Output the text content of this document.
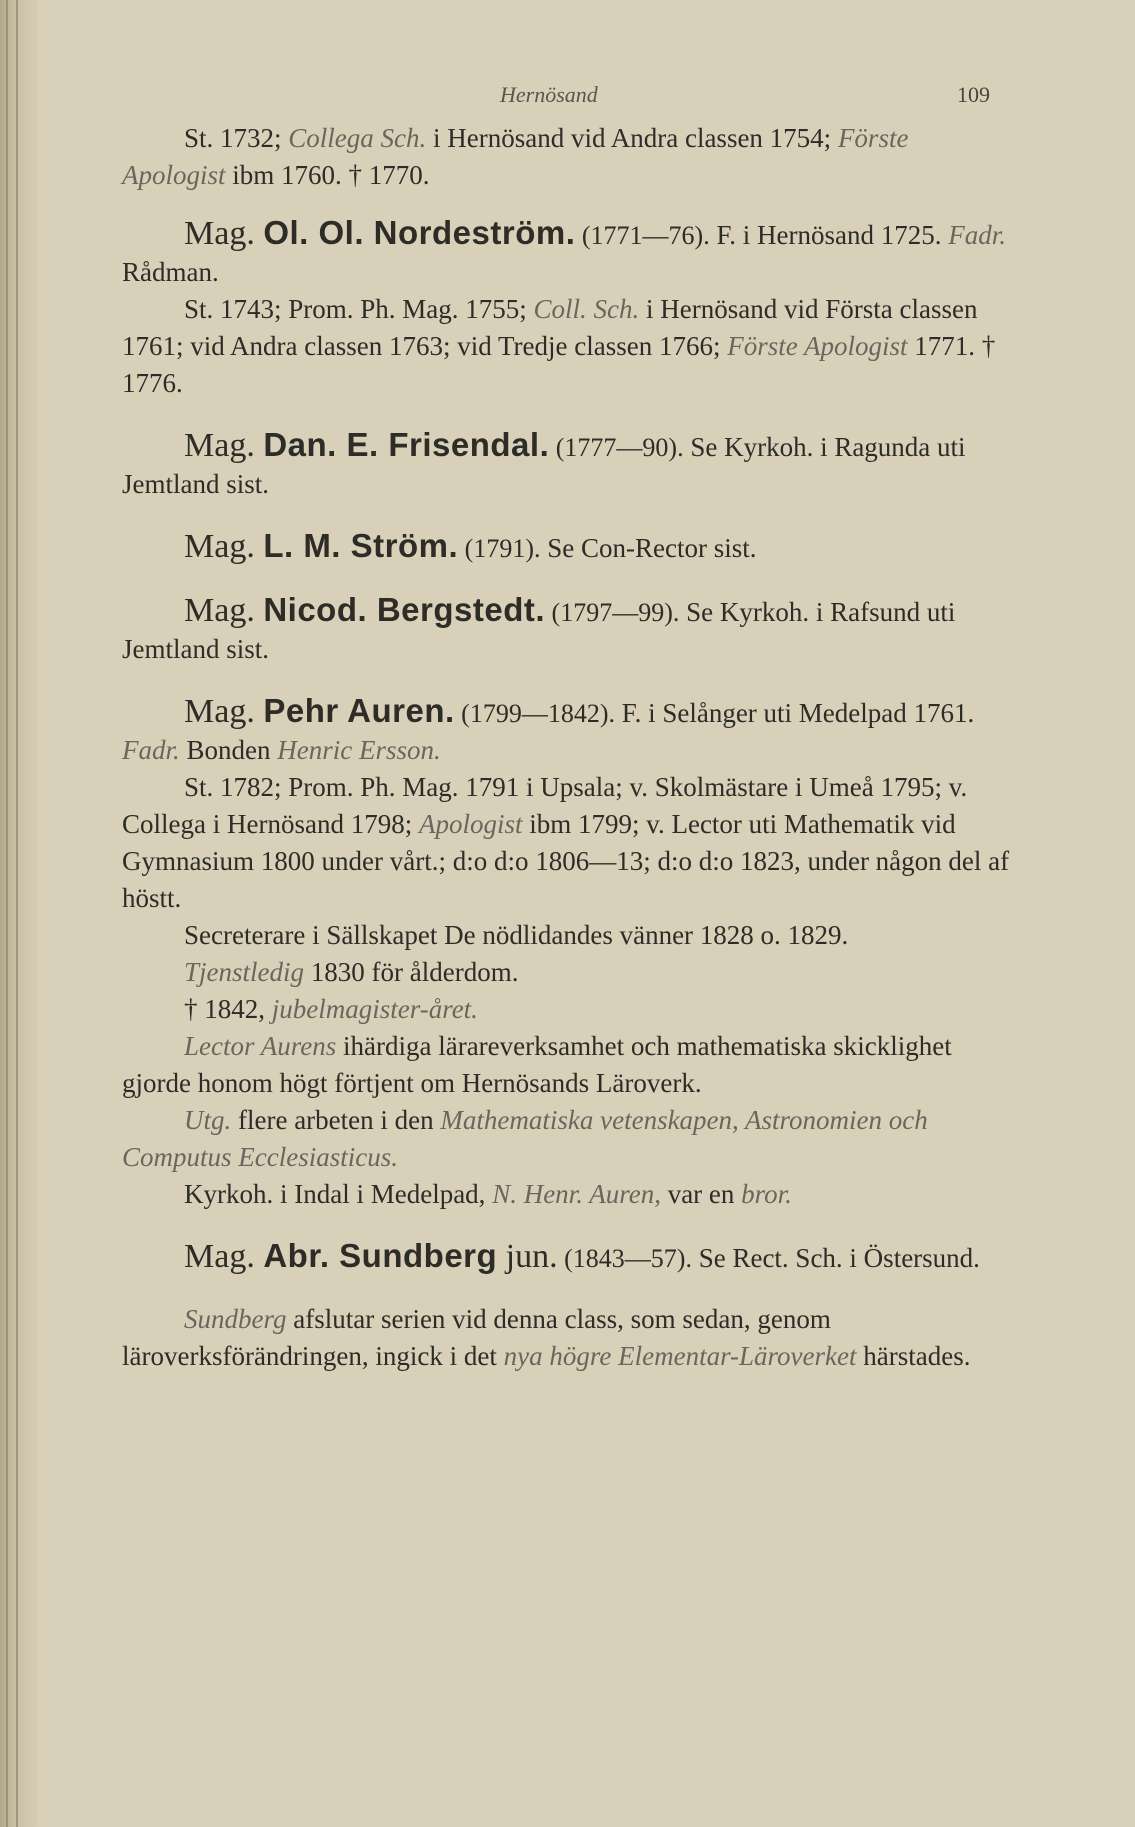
Hernösand	109

St. 1732; Collega Sch. i Hernösand vid Andra classen 1754; Förste Apologist ibm 1760. † 1770.

Mag. Ol. Ol. Nordeström. (1771—76). F. i Hernösand 1725. Fadr. Rådman.

St. 1743; Prom. Ph. Mag. 1755; Coll. Sch. i Hernösand vid Första classen 1761; vid Andra classen 1763; vid Tredje classen 1766; Förste Apologist 1771. † 1776.

Mag. Dan. E. Frisendal. (1777—90). Se Kyrkoh. i Ragunda uti Jemtland sist.

Mag. L. M. Ström. (1791). Se Con-Rector sist.

Mag. Nicod. Bergstedt. (1797—99). Se Kyrkoh. i Rafsund uti Jemtland sist.

Mag. Pehr Auren. (1799—1842). F. i Selånger uti Medelpad 1761. Fadr. Bonden Henric Ersson.

St. 1782; Prom. Ph. Mag. 1791 i Upsala; v. Skolmästare i Umeå 1795; v. Collega i Hernösand 1798; Apologist ibm 1799; v. Lector uti Mathematik vid Gymnasium 1800 under vårt.; d:o d:o 1806—13; d:o d:o 1823, under någon del af höstt.

Secreterare i Sällskapet De nödlidandes vänner 1828 o. 1829.

Tjenstledig 1830 för ålderdom.

† 1842, jubelmagister-året.

Lector Aurens ihärdiga lärareverksamhet och mathematiska skicklighet gjorde honom högt förtjent om Hernösands Läroverk.

Utg. flere arbeten i den Mathematiska vetenskapen, Astronomien och Computus Ecclesiasticus.

Kyrkoh. i Indal i Medelpad, N. Henr. Auren, var en bror.

Mag. Abr. Sundberg jun. (1843—57). Se Rect. Sch. i Östersund.

Sundberg afslutar serien vid denna class, som sedan, genom läroverksförändringen, ingick i det nya högre Elementar-Läroverket härstades.
